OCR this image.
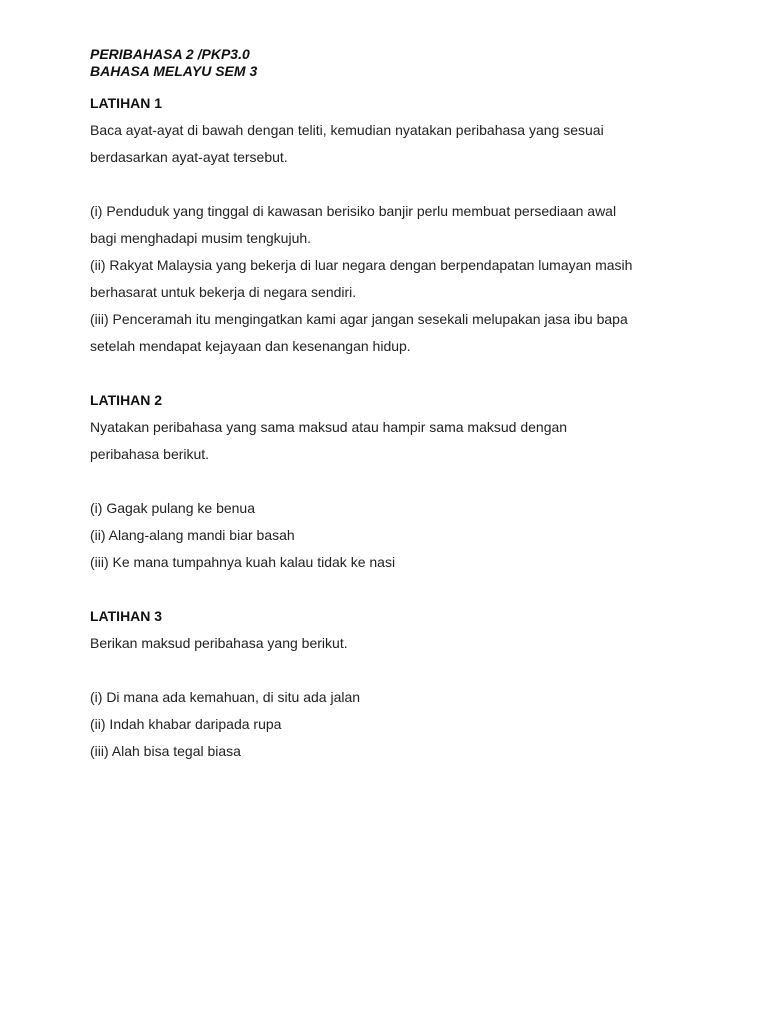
PERIBAHASA 2 /PKP3.0

BAHASA MELAYU SEM 3

LATIHAN 1

Baca ayat-ayat di bawah dengan teliti, kemudian nyatakan peribahasa yang sesuai

berdasarkan ayat-ayat tersebut.

(i) Penduduk yang tinggal di kawasan berisiko banjir perlu membuat persediaan awal

bagi menghadapi musim tengkujuh.

(ii) Rakyat Malaysia yang bekerja di luar negara dengan berpendapatan lumayan masih

berhasarat untuk bekerja di negara sendiri.

(iii) Penceramah itu mengingatkan kami agar jangan sesekali melupakan jasa ibu bapa

setelah mendapat kejayaan dan kesenangan hidup.

LATIHAN 2

Nyatakan peribahasa yang sama maksud atau hampir sama maksud dengan

peribahasa berikut.

(i) Gagak pulang ke benua

(ii) Alang-alang mandi biar basah

(iii) Ke mana tumpahnya kuah kalau tidak ke nasi

LATIHAN 3

Berikan maksud peribahasa yang berikut.

(i) Di mana ada kemahuan, di situ ada jalan

(ii) Indah khabar daripada rupa

(iii) Alah bisa tegal biasa
